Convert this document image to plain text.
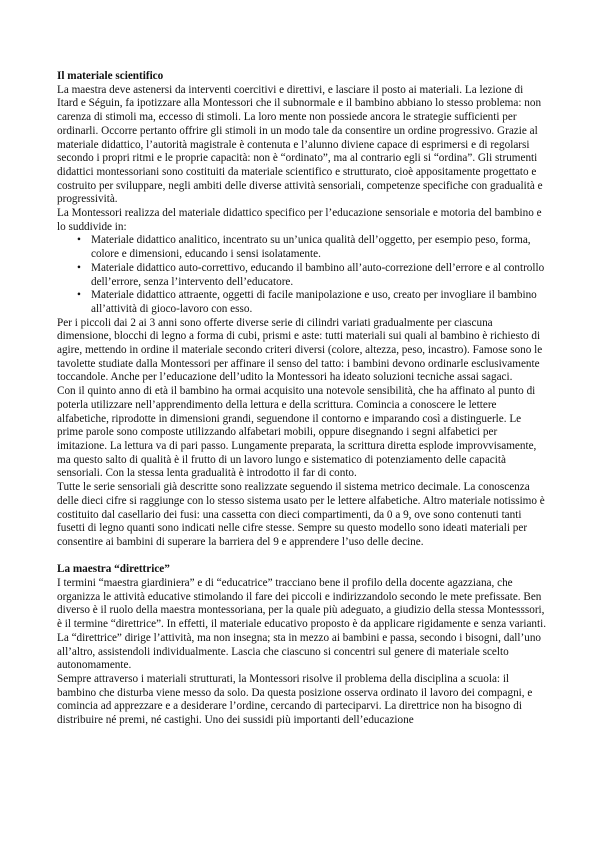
Il materiale scientifico

La maestra deve astenersi da interventi coercitivi e direttivi, e lasciare il posto ai materiali. La lezione di Itard e Séguin, fa ipotizzare alla Montessori che il subnormale e il bambino abbiano lo stesso problema: non carenza di stimoli ma, eccesso di stimoli. La loro mente non possiede ancora le strategie sufficienti per ordinarli. Occorre pertanto offrire gli stimoli in un modo tale da consentire un ordine progressivo. Grazie al materiale didattico, l’autorità magistrale è contenuta e l’alunno diviene capace di esprimersi e di regolarsi secondo i propri ritmi e le proprie capacità: non è “ordinato”, ma al contrario egli si “ordina”. Gli strumenti didattici montessoriani sono costituiti da materiale scientifico e strutturato, cioè appositamente progettato e costruito per sviluppare, negli ambiti delle diverse attività sensoriali, competenze specifiche con gradualità e progressività.

La Montessori realizza del materiale didattico specifico per l’educazione sensoriale e motoria del bambino e lo suddivide in:

• Materiale didattico analitico, incentrato su un’unica qualità dell’oggetto, per esempio peso, forma, colore e dimensioni, educando i sensi isolatamente.
• Materiale didattico auto-correttivo, educando il bambino all’auto-correzione dell’errore e al controllo dell’errore, senza l’intervento dell’educatore.
• Materiale didattico attraente, oggetti di facile manipolazione e uso, creato per invogliare il bambino all’attività di gioco-lavoro con esso.

Per i piccoli dai 2 ai 3 anni sono offerte diverse serie di cilindri variati gradualmente per ciascuna dimensione, blocchi di legno a forma di cubi, prismi e aste: tutti materiali sui quali al bambino è richiesto di agire, mettendo in ordine il materiale secondo criteri diversi (colore, altezza, peso, incastro). Famose sono le tavolette studiate dalla Montessori per affinare il senso del tatto: i bambini devono ordinarle esclusivamente toccandole. Anche per l’educazione dell’udito la Montessori ha ideato soluzioni tecniche assai sagaci.

Con il quinto anno di età il bambino ha ormai acquisito una notevole sensibilità, che ha affinato al punto di poterla utilizzare nell’apprendimento della lettura e della scrittura. Comincia a conoscere le lettere alfabetiche, riprodotte in dimensioni grandi, seguendone il contorno e imparando così a distinguerle. Le prime parole sono composte utilizzando alfabetari mobili, oppure disegnando i segni alfabetici per imitazione. La lettura va di pari passo. Lungamente preparata, la scrittura diretta esplode improvvisamente, ma questo salto di qualità è il frutto di un lavoro lungo e sistematico di potenziamento delle capacità sensoriali. Con la stessa lenta gradualità è introdotto il far di conto.

Tutte le serie sensoriali già descritte sono realizzate seguendo il sistema metrico decimale. La conoscenza delle dieci cifre si raggiunge con lo stesso sistema usato per le lettere alfabetiche. Altro materiale notissimo è costituito dal casellario dei fusi: una cassetta con dieci compartimenti, da 0 a 9, ove sono contenuti tanti fusetti di legno quanti sono indicati nelle cifre stesse. Sempre su questo modello sono ideati materiali per consentire ai bambini di superare la barriera del 9 e apprendere l’uso delle decine.

La maestra “direttrice”

I termini “maestra giardiniera” e di “educatrice” tracciano bene il profilo della docente agazziana, che organizza le attività educative stimolando il fare dei piccoli e indirizzandolo secondo le mete prefissate. Ben diverso è il ruolo della maestra montessoriana, per la quale più adeguato, a giudizio della stessa Montesssori, è il termine “direttrice”. In effetti, il materiale educativo proposto è da applicare rigidamente e senza varianti. La “direttrice” dirige l’attività, ma non insegna; sta in mezzo ai bambini e passa, secondo i bisogni, dall’uno all’altro, assistendoli individualmente. Lascia che ciascuno si concentri sul genere di materiale scelto autonomamente.

Sempre attraverso i materiali strutturati, la Montessori risolve il problema della disciplina a scuola: il bambino che disturba viene messo da solo. Da questa posizione osserva ordinato il lavoro dei compagni, e comincia ad apprezzare e a desiderare l’ordine, cercando di parteciparvi. La direttrice non ha bisogno di distribuire né premi, né castighi. Uno dei sussidi più importanti dell’educazione
